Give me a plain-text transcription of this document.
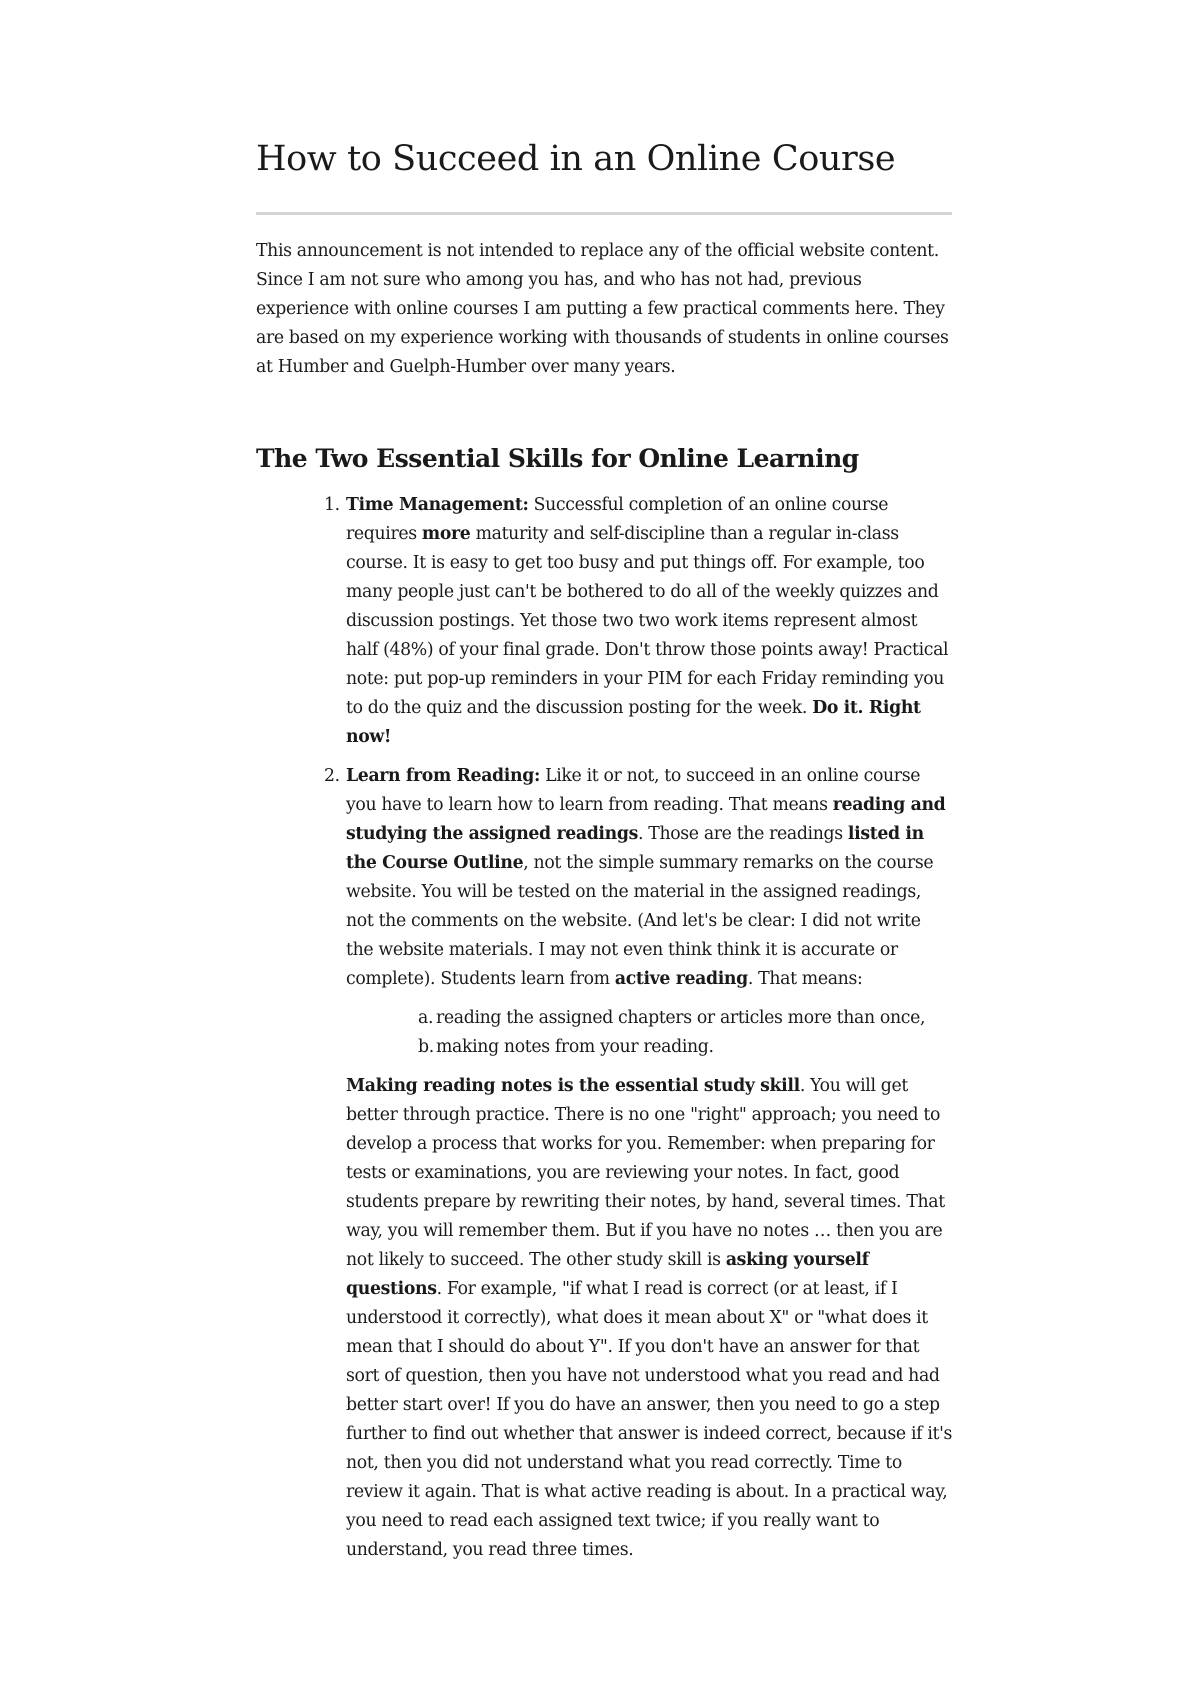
How to Succeed in an Online Course

This announcement is not intended to replace any of the official website content. Since I am not sure who among you has, and who has not had, previous experience with online courses I am putting a few practical comments here. They are based on my experience working with thousands of students in online courses at Humber and Guelph-Humber over many years.

The Two Essential Skills for Online Learning
1. Time Management: Successful completion of an online course requires more maturity and self-discipline than a regular in-class course. It is easy to get too busy and put things off. For example, too many people just can't be bothered to do all of the weekly quizzes and discussion postings. Yet those two two work items represent almost half (48%) of your final grade. Don't throw those points away! Practical note: put pop-up reminders in your PIM for each Friday reminding you to do the quiz and the discussion posting for the week. Do it. Right now!
2. Learn from Reading: Like it or not, to succeed in an online course you have to learn how to learn from reading. That means reading and studying the assigned readings. Those are the readings listed in the Course Outline, not the simple summary remarks on the course website. You will be tested on the material in the assigned readings, not the comments on the website. (And let's be clear: I did not write the website materials. I may not even think think it is accurate or complete). Students learn from active reading. That means:
a. reading the assigned chapters or articles more than once,
b. making notes from your reading.

Making reading notes is the essential study skill. You will get better through practice. There is no one "right" approach; you need to develop a process that works for you. Remember: when preparing for tests or examinations, you are reviewing your notes. In fact, good students prepare by rewriting their notes, by hand, several times. That way, you will remember them. But if you have no notes … then you are not likely to succeed. The other study skill is asking yourself questions. For example, "if what I read is correct (or at least, if I understood it correctly), what does it mean about X" or "what does it mean that I should do about Y". If you don't have an answer for that sort of question, then you have not understood what you read and had better start over! If you do have an answer, then you need to go a step further to find out whether that answer is indeed correct, because if it's not, then you did not understand what you read correctly. Time to review it again. That is what active reading is about. In a practical way, you need to read each assigned text twice; if you really want to understand, you read three times.
